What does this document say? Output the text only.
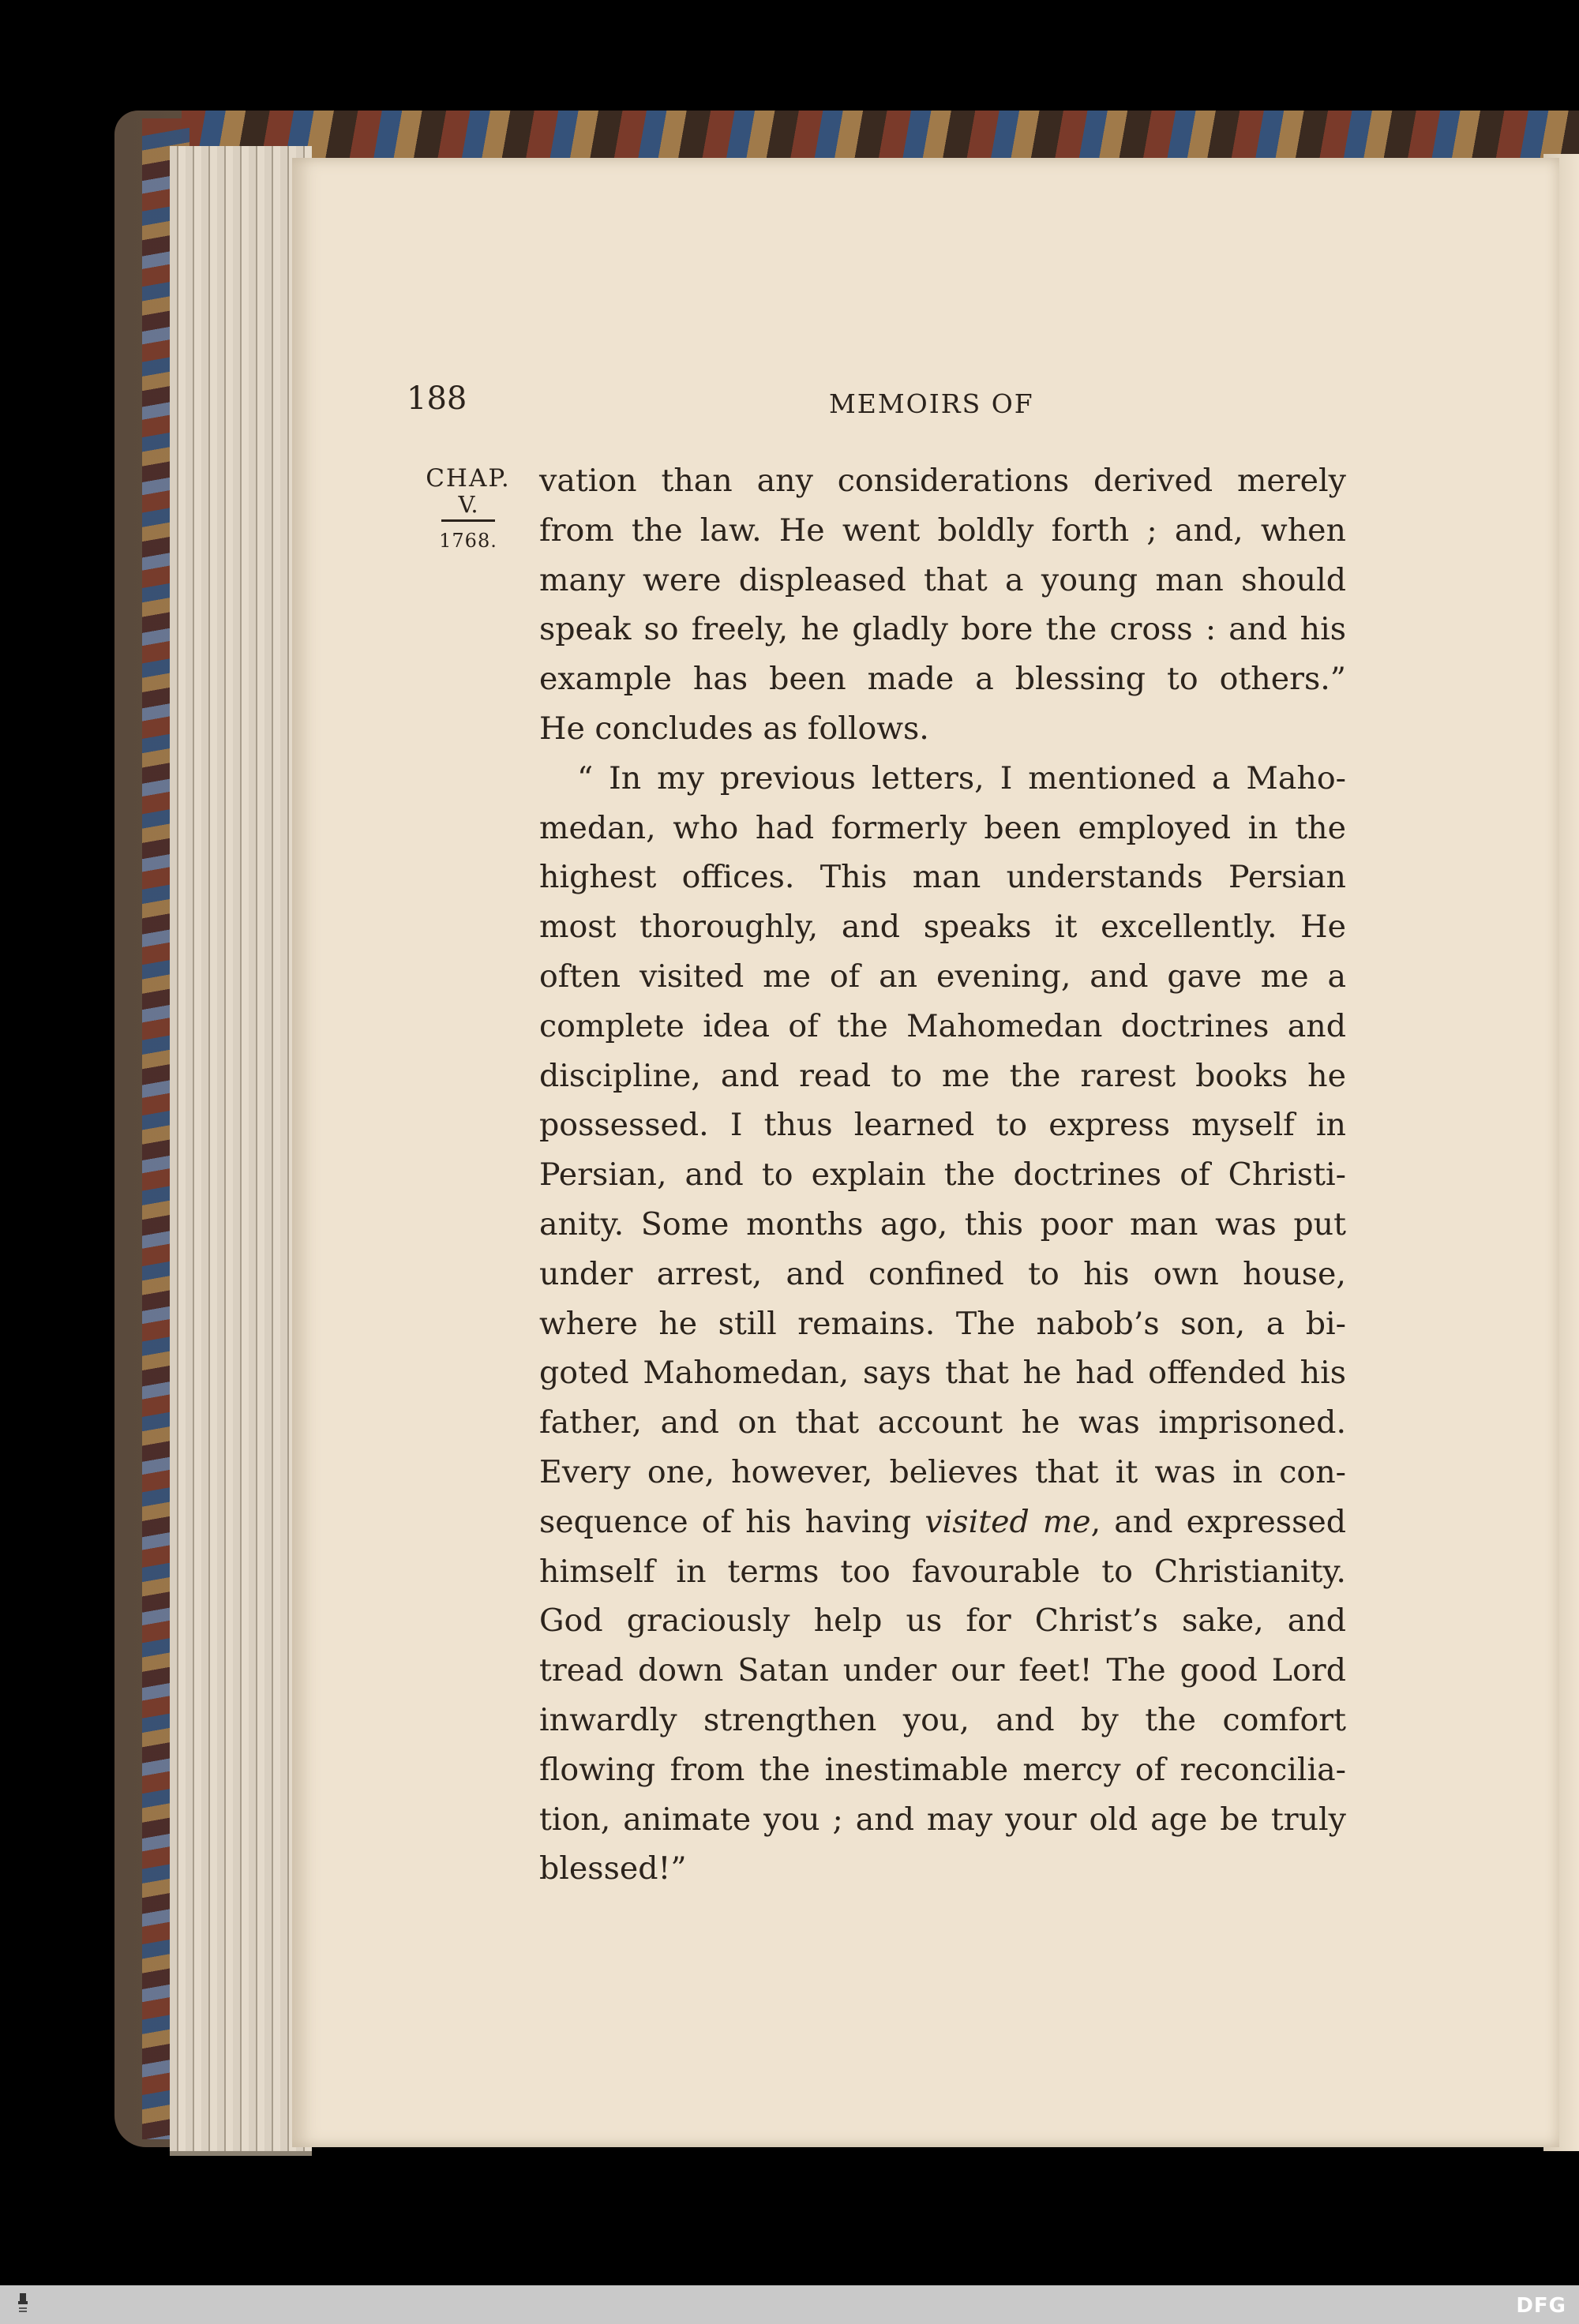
188	MEMOIRS OF
CHAP.
V.
1768.
vation than any considerations derived merely
from the law. He went boldly forth ; and, when
many were displeased that a young man should
speak so freely, he gladly bore the cross : and his
example has been made a blessing to others.”
He concludes as follows.
“ In my previous letters, I mentioned a Maho-
medan, who had formerly been employed in the
highest offices. This man understands Persian
most thoroughly, and speaks it excellently. He
often visited me of an evening, and gave me a
complete idea of the Mahomedan doctrines and
discipline, and read to me the rarest books he
possessed. I thus learned to express myself in
Persian, and to explain the doctrines of Christi-
anity. Some months ago, this poor man was put
under arrest, and confined to his own house,
where he still remains. The nabob’s son, a bi-
goted Mahomedan, says that he had offended his
father, and on that account he was imprisoned.
Every one, however, believes that it was in con-
sequence of his having visited me, and expressed
himself in terms too favourable to Christianity.
God graciously help us for Christ’s sake, and
tread down Satan under our feet! The good Lord
inwardly strengthen you, and by the comfort
flowing from the inestimable mercy of reconcilia-
tion, animate you ; and may your old age be truly
blessed!”
DFG
